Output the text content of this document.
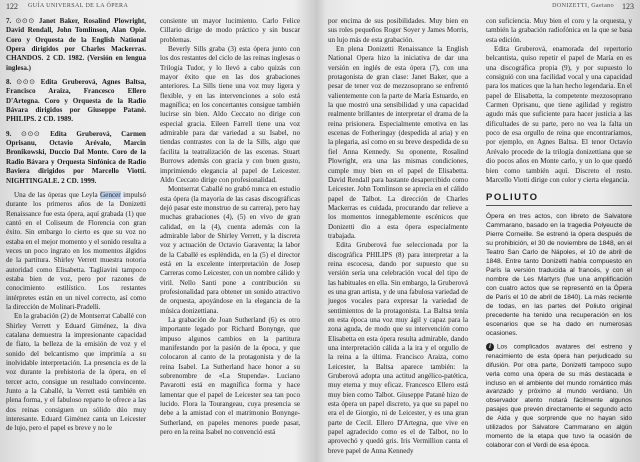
122 GUÍA UNIVERSAL DE LA ÓPERA
7. ⊙⊙⊙ Janet Baker, Rosalind Plowright, David Rendall, John Tomlinson, Alan Opie. Coro y Orquesta de la English National Opera dirigidos por Charles Mackerras. CHANDOS. 2 CD. 1982. (Versión en lengua inglesa.)
8. ⊙⊙⊙ Edita Gruberová, Agnes Baltsa, Francisco Araiza, Francesco Ellero D'Artegna. Coro y Orquesta de la Radio Bávara dirigidos por Giuseppe Patanè. PHILIPS. 2 CD. 1989.
9. ⊙⊙⊙ Edita Gruberová, Carmen Oprisanu, Octavio Arévalo, Marcin Bronikowski, Duccio Dal Monte. Coro de la Radio Bávara y Orquesta Sinfónica de Radio Baviera dirigidos por Marcello Viotti. NIGHTINGALE. 2 CD. 1999.

Una de las óperas que Leyla Gencer impulsó durante los primeros años de la Donizetti Renaissance fue esta ópera, aquí grabada (1) que cantó en el Coliseum de Florencia con gran éxito. Sin embargo lo cierto es que su voz no estaba en el mejor momento y el sonido resulta a veces un poco ingrato en los momentos álgidos de la partitura. Shirley Verrett muestra notoria autoridad como Elisabetta. Tagliavini tampoco estaba bien de voz, pero por razones de conocimiento estilístico. Los restantes intérpretes están en un nivel correcto, así como la dirección de Molinari-Pradelli.

En la grabación (2) de Montserrat Caballé con Shirley Verrett y Eduard Giménez, la diva catalana demuestra la impresionante capacidad de fiato, la belleza de la emisión de voz y el sonido del belcantismo que imprimía a su inolvidable interpretación. La presencia es de la voz durante la prehistoria de la ópera, en el tercer acto, consigue un resultado convincente. Junto a la Caballé, la Verrett está también en plena forma, y el fabuloso reparto le ofrece a las dos reinas consiguen un sólido dúo muy interesante. Eduard Giménez canta un Leicester de lujo, pero el papel es breve y no le

consiente un mayor lucimiento. Carlo Felice Cillario dirige de modo práctico y sin buscar problemas.

Beverly Sills graba (3) esta ópera junto con los dos restantes del ciclo de las reinas inglesas o Trilogía Tudor, y lo llevó a cabo quizás con mayor éxito que en las dos grabaciones anteriores. La Sills tiene una voz muy ligera y flexible, y en las intervenciones a solo está magnífica; en los concertantes consigue también lucirse sin bien. Aldo Ceccato no dirige con especial gracia. Eileen Farrell tiene una voz admirable para dar variedad a su Isabel, no tiendas contrastes con la de la Sills, algo que facilita la teatralización de las escenas. Stuart Burrows además con gracia y con buen gusto, imprimiendo elegancia al papel de Leicester. Aldo Ceccato dirige con profesionalidad.

Montserrat Caballé no grabó nunca en estudio esta ópera (la mayoría de las casas discográficas dejó pasar este monstruo de su carrera), pero hay muchas grabaciones (4), (5) en vivo de gran calidad, en la (4), cuenta además con la admirable labor de Shirley Verrett, y la discreta voz y actuación de Octavio Garaventa; la labor de la Caballé es espléndida, en la (5) el director está en la excelente interpretación de Josep Carreras como Leicester, con un nombre cálido y viril. Nello Santi pone a contribución su profesionalidad para obtener un sonido atractivo de orquesta, apoyándose en la elegancia de la música donizettiana.

La grabación de Joan Sutherland (6) es otro importante legado por Richard Bonynge, que impuso algunos cambios en la partitura manifestando por la pasión de la época, y que colocaron al canto de la protagonista y de la reina Isabel. La Sutherland hace honor a su sobrenombre de «La Stupenda». Luciano Pavarotti está en magnífica forma y hace lamentar que el papel de Leicester sea tan poco lucido. Flora la Tourangeau, cuya presencia se debe a la amistad con el matrimonio Bonynge-Sutherland, en papeles menores puede pasar, pero en la reina Isabel no convenció está

DONIZETTI, Gaetano 123

por encima de sus posibilidades. Muy bien en sus roles pequeños Roger Soyer y James Morris, un lujo más de esta grabación.

En plena Donizetti Renaissance la English National Opera hizo la iniciativa de dar una versión en inglés de esta ópera (7), con una protagonista de gran clase: Janet Baker, que a pesar de tener voz de mezzosoprano se enfrentó valientemente con la parte de María Estuardo, en la que mostró una sensibilidad y una capacidad realmente brillantes de interpretar el drama de la reina prisionera. Especialmente emotiva en las escenas de Fotheringay (despedida al aria) y en la plegaria, así como en su breve despedida de su fiel Anna Kennedy. Su oponente, Rosalind Plowright, era una las mismas condiciones, cumple muy bien en el papel de Elisabetta. David Rendall para bastante desapercibido como Leicester. John Tomlinson se aprecia en el cálido papel de Talbot. La dirección de Charles Mackerras es cuidada, procurando dar relieve a los momentos innegablemente escénicos que Donizetti dio a esta ópera especialmente trabajada.

Edita Gruberová fue seleccionada por la discográfica PHILIPS (8) para interpretar a la reina escocesa, dando por supuesto que su versión sería una celebración vocal del tipo de las habituales en ella. Sin embargo, la Gruberová es una gran artista, y de una fabulosa variedad de juegos vocales para expresar la variedad de sentimientos de la protagonista. La Baltsa tenía en esta época una voz muy ágil y capaz para la zona aguda, de modo que su intervención como Elisabetta en esta ópera resulta admirable, dando una interpretación cálida a la ira y el orgullo de la reina a la última. Francisco Araiza, como Leicester, la Baltsa aparece también: la Gruberová adopta una actitud angélico-patética, muy eterna y muy eficaz. Francesco Ellero está muy bien como Talbot. Giuseppe Patanè hizo de esta ópera un papel discreto, ya que su papel no era el de Giorgio, ni de Leicester, y es una gran parte de Cecil. Ellero D'Artegna, que vive en papel agradecido como es el de Talbot, no lo aprovechó y quedó gris. Iris Vermillion canta el breve papel de Anna Kennedy

con suficiencia. Muy bien el coro y la orquesta, y también la grabación radiofónica en la que se basa esta edición.

Edita Gruberová, enamorada del repertorio belcantista, quiso repetir el papel de María en es una discográfica propia (9), y por supuesto lo consiguió con una facilidad vocal y una capacidad para los matices que la han hecho legendaria. En el papel de Elisabetta, la competente mezzosoprano Carmen Oprisanu, que tiene agilidad y registro agudo más que suficiente para hacer justicia a las dificultades de su parte, pero no vea la falta un poco de esa orgullo de reina que encontraríamos, por ejemplo, en Agnes Baltsa. El tenor Octavio Arévalo procede de la trilogía donizettiana que se dio pocos años en Monte carlo, y un lo que quedó bien como también aquí. Discreto el resto. Marcello Viotti dirige con color y cierta elegancia.

POLIUTO
Ópera en tres actos, con libreto de Salvatore Cammarano, basado en la tragedia Polyeucte de Pierre Corneille. Se estrenó la ópera después de su prohibición, el 30 de noviembre de 1848, en el Teatro San Carlo de Nápoles, el 10 de abril de 1848. Entre tanto Donizetti había compuesto en París la versión traducida al francés, y con el nombre de Les Martyrs (fue una amplificación con cuatro actos que se representó en la Ópera de París el 10 de abril de 1840). La más reciente de todas, en las partes del Poliuto original precedente ha tenido una recuperación en los escenarios que se ha dado en numerosas ocasiones.
i Los complicados avatares del estreno y renacimiento de esta ópera han perjudicado su difusión. Por otra parte, Donizetti tampoco supo verla como una ópera de su más destacada e incluso en el ambiente del mundo romántico más avanzado y próximo al mundo verdiano. Un observador atento notará fácilmente algunos pasajes que prevén directamente el segundo acto de Aida y que sorprende que no hayan sido utilizados por Salvatore Cammarano en algún momento de la etapa que tuvo la ocasión de colaborar con el Verdi de esa época.
